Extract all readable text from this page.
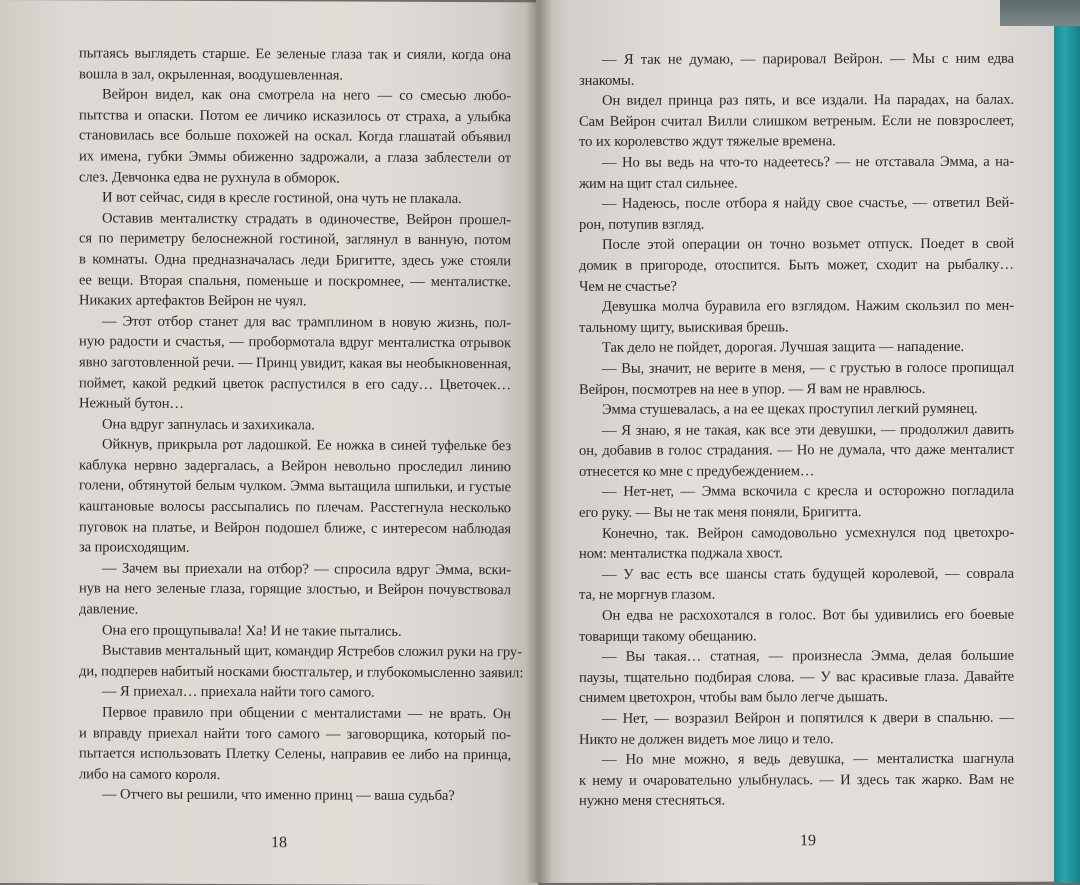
пытаясь выглядеть старше. Ее зеленые глаза так и сияли, когда она
вошла в зал, окрыленная, воодушевленная.
Вейрон видел, как она смотрела на него — со смесью любо-
пытства и опаски. Потом ее личико исказилось от страха, а улыбка
становилась все больше похожей на оскал. Когда глашатай объявил
их имена, губки Эммы обиженно задрожали, а глаза заблестели от
слез. Девчонка едва не рухнула в обморок.
И вот сейчас, сидя в кресле гостиной, она чуть не плакала.
Оставив менталистку страдать в одиночестве, Вейрон прошел-
ся по периметру белоснежной гостиной, заглянул в ванную, потом
в комнаты. Одна предназначалась леди Бригитте, здесь уже стояли
ее вещи. Вторая спальня, поменьше и поскромнее, — менталистке.
Никаких артефактов Вейрон не чуял.
— Этот отбор станет для вас трамплином в новую жизнь, пол-
ную радости и счастья, — пробормотала вдруг менталистка отрывок
явно заготовленной речи. — Принц увидит, какая вы необыкновенная,
поймет, какой редкий цветок распустился в его саду… Цветочек…
Нежный бутон…
Она вдруг запнулась и захихикала.
Ойкнув, прикрыла рот ладошкой. Ее ножка в синей туфельке без
каблука нервно задергалась, а Вейрон невольно проследил линию
голени, обтянутой белым чулком. Эмма вытащила шпильки, и густые
каштановые волосы рассыпались по плечам. Расстегнула несколько
пуговок на платье, и Вейрон подошел ближе, с интересом наблюдая
за происходящим.
— Зачем вы приехали на отбор? — спросила вдруг Эмма, вски-
нув на него зеленые глаза, горящие злостью, и Вейрон почувствовал
давление.
Она его прощупывала! Ха! И не такие пытались.
Выставив ментальный щит, командир Ястребов сложил руки на гру-
ди, подперев набитый носками бюстгальтер, и глубокомысленно заявил:
— Я приехал… приехала найти того самого.
Первое правило при общении с менталистами — не врать. Он
и вправду приехал найти того самого — заговорщика, который по-
пытается использовать Плетку Селены, направив ее либо на принца,
либо на самого короля.
— Отчего вы решили, что именно принц — ваша судьба?
18
— Я так не думаю, — парировал Вейрон. — Мы с ним едва
знакомы.
Он видел принца раз пять, и все издали. На парадах, на балах.
Сам Вейрон считал Вилли слишком ветреным. Если не повзрослеет,
то их королевство ждут тяжелые времена.
— Но вы ведь на что-то надеетесь? — не отставала Эмма, а на-
жим на щит стал сильнее.
— Надеюсь, после отбора я найду свое счастье, — ответил Вей-
рон, потупив взгляд.
После этой операции он точно возьмет отпуск. Поедет в свой
домик в пригороде, отоспится. Быть может, сходит на рыбалку…
Чем не счастье?
Девушка молча буравила его взглядом. Нажим скользил по мен-
тальному щиту, выискивая брешь.
Так дело не пойдет, дорогая. Лучшая защита — нападение.
— Вы, значит, не верите в меня, — с грустью в голосе пропищал
Вейрон, посмотрев на нее в упор. — Я вам не нравлюсь.
Эмма стушевалась, а на ее щеках проступил легкий румянец.
— Я знаю, я не такая, как все эти девушки, — продолжил давить
он, добавив в голос страдания. — Но не думала, что даже менталист
отнесется ко мне с предубеждением…
— Нет-нет, — Эмма вскочила с кресла и осторожно погладила
его руку. — Вы не так меня поняли, Бригитта.
Конечно, так. Вейрон самодовольно усмехнулся под цветохро-
ном: менталистка поджала хвост.
— У вас есть все шансы стать будущей королевой, — соврала
та, не моргнув глазом.
Он едва не расхохотался в голос. Вот бы удивились его боевые
товарищи такому обещанию.
— Вы такая… статная, — произнесла Эмма, делая большие
паузы, тщательно подбирая слова. — У вас красивые глаза. Давайте
снимем цветохрон, чтобы вам было легче дышать.
— Нет, — возразил Вейрон и попятился к двери в спальню. —
Никто не должен видеть мое лицо и тело.
— Но мне можно, я ведь девушка, — менталистка шагнула
к нему и очаровательно улыбнулась. — И здесь так жарко. Вам не
нужно меня стесняться.
19
